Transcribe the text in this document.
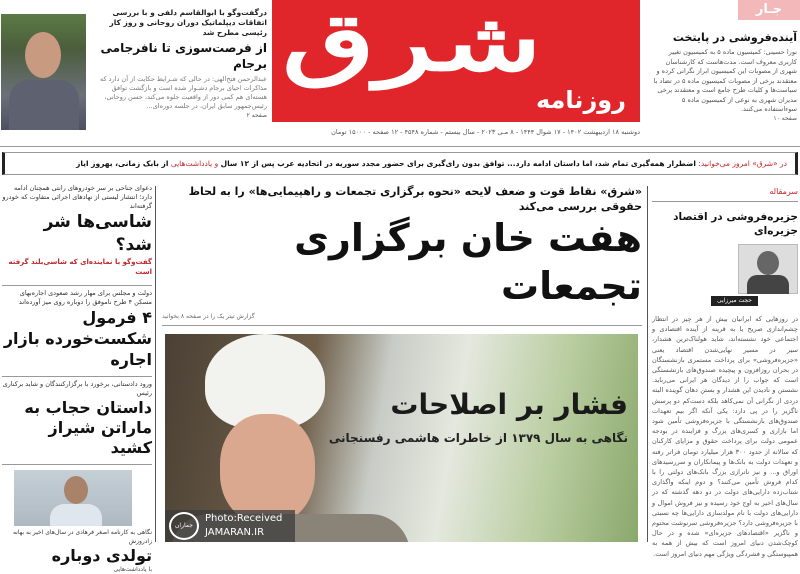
درگفت‌وگو با ابوالقاسم دلفی و با بررسی اتفاقات دیپلماتیک دوران روحانی و روز کار رئیسی مطرح شد
از فرصت‌سوزی تا نافرجامی برجام
عبدالرحمن فتح‌الهی: در حالی که شـرایط حکایت از آن دارد که مذاکرات احیای برجام دشـوار شده است و بازگشت توافق هسته‌ای هم کمی دور از واقعیت جلوه می‌کند، حسن روحانی، رئیس‌جمهور سابق ایران، در جلسه دوره‌ای...
صفحه ۲
شرق
روزنامه
دوشنبه ۱۸ اردیبهشت ۱۴۰۲ - ۱۷ شوال ۱۴۴۴ - ۸ مـی ۲۰۲۳ - سال بیستم - شماره ۴۵۴۸ - ۱۲ صفحه - ۱۵۰۰۰ تومان
جـار
آینده‌فروشی در پایتخت
نورا حسینی: کمیسیون ماده ۵ به کمیسیون تغییر کاربری معروف است. مدت‌هاست که کارشناسان شهری از مصوبات این کمیسیون ابراز نگرانی کرده و معتقدند برخی از مصوبات کمیسیون ماده ۵ در تضاد با سیاست‌ها و کلیات طرح جامع است و معتقدند برخی مدیران شهری به نوعی از کمیسیون ماده ۵ سوءاستفاده می‌کنند.
صفحه ۱۰
در «شرق» امروز می‌خوانید: اضطرار همه‌گیری تمام شد، اما داستان ادامه دارد... توافق بدون رای‌گیری برای حضور مجدد سوریه در اتحادیه عرب پس از ۱۲ سال و یادداشت‌هایی از بابک زمانی، بهروز ایاز
«شرق» نقاط قوت و ضعف لایحه «نحوه برگزاری تجمعات و راهپیمایی‌ها» را به لحاظ حقوقی بررسی می‌کند
هفت خان برگزاری تجمعات
گزارش تیتر یک را در صفحه ۸ بخوانید
فشار بر اصلاحات
نگاهی به سال ۱۳۷۹ از خاطرات هاشمی رفسنجانی
جماران
Photo:Received
JAMARAN.IR
دعوای جناحی بر سر خودروهای رانتی همچنان ادامه دارد؛ انتشار لیستی از نهادهای اجرائی متفاوت که خودرو گرفته‌اند
شاسی‌ها شر شد؟
گفت‌وگو با نماینده‌ای که شاسی‌بلند گرفته است
دولت و مجلس برای مهار رشد صعودی اجاره‌بهای مسکن ۴ طرح ناموفق را دوباره روی میز آورده‌اند
۴ فرمول شکست‌خورده بازار اجاره
ورود دادستانی، برخورد با برگزارکنندگان و شاید برکناری رئیس
داستان حجاب به ماراتن شیراز کشید
نگاهی به کارنامه اصغر فرهادی در سال‌های اخیر به بهانه زادروزش
تولدی دوباره
با یادداشت‌هایی
سرمقاله
جزیره‌فروشی در اقتصاد جزیره‌ای
حجت میرزایی
در روزهایی که ایرانیان بیش از هر چیز در انتظار چشم‌اندازی صریح یا به قرینه از آینده اقتصادی و اجتماعی خود نشسته‌اند، شاید هولناک‌ترین هشدار، سیر در مسیر نهایی‌شدن اقتصاد یعنی «جزیره‌فروشی» برای پرداخت مستمری بازنشستگان در بحران روزافزون و پیچیده صندوق‌های بازنشستگی است که جواب را از دیدگان هر ایرانی می‌رباید. نشستن و نادیدن این هشدار و بستن دهان گوینده البته دردی از نگرانی آن نمی‌کاهد بلکه دست‌کم دو پرسش ناگزیر را در پی دارد: یکی آنکه اگر بیم تعهدات صندوق‌های بازنشستگی با جزیره‌فروشی تأمین شود اما بازاری و کسری‌های بزرگ و فزاینده در بودجه عمومی دولت برای پرداخت حقوق و مزایای کارکنان که سالانه از حدود ۳۰۰ هزار میلیارد تومان فراتر رفته و تعهدات دولت به بانک‌ها و پیمانکاران و سررسیدهای اوراق و... و نیز ناترازی بزرگ بانک‌های دولتی را با کدام فروش تأمین می‌کنند؟ و دوم اینکه واگذاری شتاب‌زده دارایی‌های دولت در دو دهه گذشته که در سال‌های اخیر به اوج خود رسیده و نیز فروش اموال و دارایی‌های دولت با نام مولدسازی دارایی‌ها چه نسبتی با جزیره‌فروشی دارد؟ جزیره‌فروشی سرنوشت محتوم و ناگزیر «اقتصادهای جزیره‌ای» شده و در حال کوچک‌شدن دنیای امروز است که بیش از همه به همپیوستگی و فشردگی ویژگی مهم دنیای امروز است.
